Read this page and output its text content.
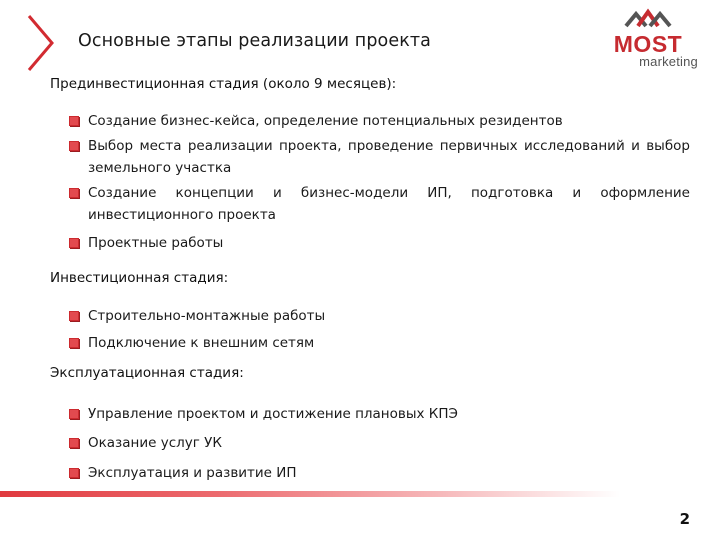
Основные этапы реализации проекта	MOST
marketing
Прединвестиционная стадия (около 9 месяцев):
Создание бизнес-кейса, определение потенциальных резидентов
Выбор места реализации проекта, проведение первичных исследований и выбор земельного участка
Создание концепции и бизнес-модели ИП, подготовка и оформление инвестиционного проекта
Проектные работы
Инвестиционная стадия:
Строительно-монтажные работы
Подключение к внешним сетям
Эксплуатационная стадия:
Управление проектом и достижение плановых КПЭ
Оказание услуг УК
Эксплуатация и развитие ИП
2
